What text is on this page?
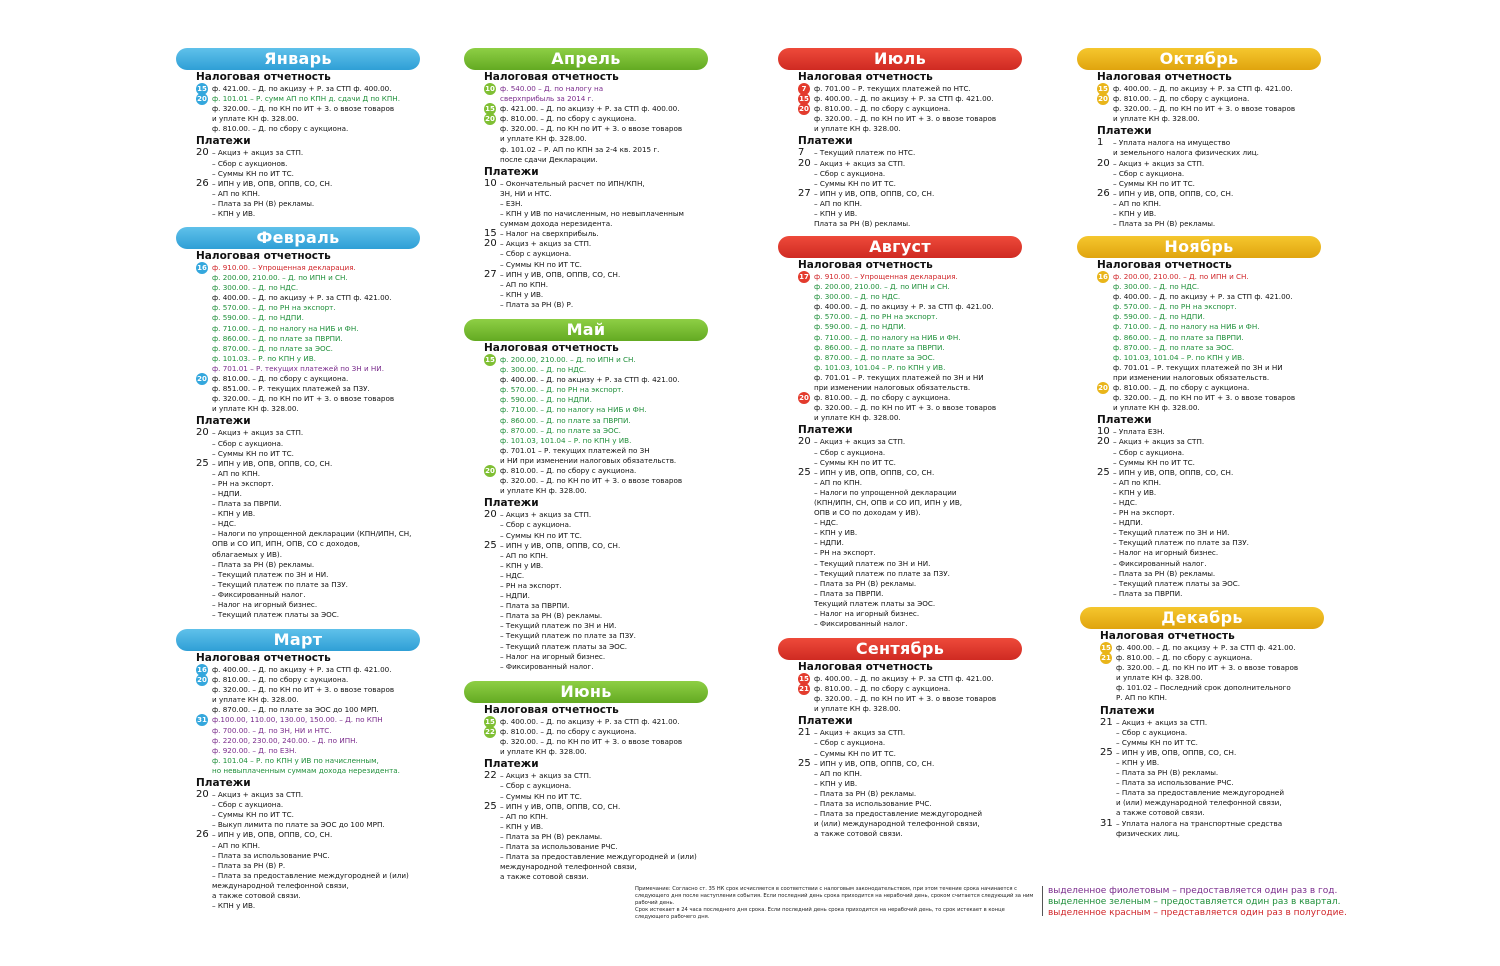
Январь
Налоговая отчетность
15 ф. 421.00. – Д. по акцизу + Р. за СТП ф. 400.00.
20 ф. 101.01 – Р. сумм АП по КПН д. сдачи Д по КПН.
ф. 320.00. – Д. по КН по ИТ + З. о ввозе товаров
и уплате КН ф. 328.00.
ф. 810.00. – Д. по сбору с аукциона.
Платежи
20 – Акциз + акциз за СТП.
– Сбор с аукционов.
– Суммы КН по ИТ ТС.
26 – ИПН у ИВ, ОПВ, ОППВ, СО, СН.
– АП по КПН.
– Плата за РН (В) рекламы.
– КПН у ИВ.
Февраль
Налоговая отчетность
16 ф. 910.00. – Упрощенная декларация.
ф. 200.00, 210.00. – Д. по ИПН и СН.
ф. 300.00. – Д. по НДС.
ф. 400.00. – Д. по акцизу + Р. за СТП ф. 421.00.
ф. 570.00. – Д. по РН на экспорт.
ф. 590.00. – Д. по НДПИ.
ф. 710.00. – Д. по налогу на НИБ и ФН.
ф. 860.00. – Д. по плате за ПВРПИ.
ф. 870.00. – Д. по плате за ЭОС.
ф. 101.03. – Р. по КПН у ИВ.
ф. 701.01 – Р. текущих платежей по ЗН и НИ.
20 ф. 810.00. – Д. по сбору с аукциона.
ф. 851.00. – Р. текущих платежей за ПЗУ.
ф. 320.00. – Д. по КН по ИТ + З. о ввозе товаров
и уплате КН ф. 328.00.
Платежи
20 – Акциз + акциз за СТП.
– Сбор с аукциона.
– Суммы КН по ИТ ТС.
25 – ИПН у ИВ, ОПВ, ОППВ, СО, СН.
– АП по КПН.
– РН на экспорт.
– НДПИ.
– Плата за ПВРПИ.
– КПН у ИВ.
– НДС.
– Налоги по упрощенной декларации (КПН/ИПН, СН,
ОПВ и СО ИП, ИПН, ОПВ, СО с доходов,
облагаемых у ИВ).
– Плата за РН (В) рекламы.
– Текущий платеж по ЗН и НИ.
– Текущий платеж по плате за ПЗУ.
– Фиксированный налог.
– Налог на игорный бизнес.
– Текущий платеж платы за ЭОС.
Март
Налоговая отчетность
16 ф. 400.00. – Д. по акцизу + Р. за СТП ф. 421.00.
20 ф. 810.00. – Д. по сбору с аукциона.
ф. 320.00. – Д. по КН по ИТ + З. о ввозе товаров
и уплате КН ф. 328.00.
ф. 870.00. – Д. по плате за ЭОС до 100 МРП.
31 ф.100.00, 110.00, 130.00, 150.00. – Д. по КПН
ф. 700.00. – Д. по ЗН, НИ и НТС.
ф. 220.00, 230.00, 240.00. – Д. по ИПН.
ф. 920.00. – Д. по ЕЗН.
ф. 101.04 – Р. по КПН у ИВ по начисленным,
но невыплаченным суммам дохода нерезидента.
Платежи
20 – Акциз + акциз за СТП.
– Сбор с аукциона.
– Суммы КН по ИТ ТС.
– Выкуп лимита по плате за ЭОС до 100 МРП.
26 – ИПН у ИВ, ОПВ, ОППВ, СО, СН.
– АП по КПН.
– Плата за использование РЧС.
– Плата за РН (В) Р.
– Плата за предоставление междугородней и (или)
международной телефонной связи,
а также сотовой связи.
– КПН у ИВ.
Апрель
Налоговая отчетность
10 ф. 540.00 – Д. по налогу на
сверхприбыль за 2014 г.
15 ф. 421.00. – Д. по акцизу + Р. за СТП ф. 400.00.
20 ф. 810.00. – Д. по сбору с аукциона.
ф. 320.00. – Д. по КН по ИТ + З. о ввозе товаров
и уплате КН ф. 328.00.
ф. 101.02 – Р. АП по КПН за 2-4 кв. 2015 г.
после сдачи Декларации.
Платежи
10 – Окончательный расчет по ИПН/КПН,
ЗН, НИ и НТС.
– ЕЗН.
– КПН у ИВ по начисленным, но невыплаченным
суммам дохода нерезидента.
15 – Налог на сверхприбыль.
20 – Акциз + акциз за СТП.
– Сбор с аукциона.
– Суммы КН по ИТ ТС.
27 – ИПН у ИВ, ОПВ, ОППВ, СО, СН.
– АП по КПН.
– КПН у ИВ.
– Плата за РН (В) Р.
Май
Налоговая отчетность
15 ф. 200.00, 210.00. – Д. по ИПН и СН.
ф. 300.00. – Д. по НДС.
ф. 400.00. – Д. по акцизу + Р. за СТП ф. 421.00.
ф. 570.00. – Д. по РН на экспорт.
ф. 590.00. – Д. по НДПИ.
ф. 710.00. – Д. по налогу на НИБ и ФН.
ф. 860.00. – Д. по плате за ПВРПИ.
ф. 870.00. – Д. по плате за ЭОС.
ф. 101.03, 101.04 – Р. по КПН у ИВ.
ф. 701.01 – Р. текущих платежей по ЗН
и НИ при изменении налоговых обязательств.
20 ф. 810.00. – Д. по сбору с аукциона.
ф. 320.00. – Д. по КН по ИТ + З. о ввозе товаров
и уплате КН ф. 328.00.
Платежи
20 – Акциз + акциз за СТП.
– Сбор с аукциона.
– Суммы КН по ИТ ТС.
25 – ИПН у ИВ, ОПВ, ОППВ, СО, СН.
– АП по КПН.
– КПН у ИВ.
– НДС.
– РН на экспорт.
– НДПИ.
– Плата за ПВРПИ.
– Плата за РН (В) рекламы.
– Текущий платеж по ЗН и НИ.
– Текущий платеж по плате за ПЗУ.
– Текущий платеж платы за ЭОС.
– Налог на игорный бизнес.
– Фиксированный налог.
Июнь
Налоговая отчетность
15 ф. 400.00. – Д. по акцизу + Р. за СТП ф. 421.00.
22 ф. 810.00. – Д. по сбору с аукциона.
ф. 320.00. – Д. по КН по ИТ + З. о ввозе товаров
и уплате КН ф. 328.00.
Платежи
22 – Акциз + акциз за СТП.
– Сбор с аукциона.
– Суммы КН по ИТ ТС.
25 – ИПН у ИВ, ОПВ, ОППВ, СО, СН.
– АП по КПН.
– КПН у ИВ.
– Плата за РН (В) рекламы.
– Плата за использование РЧС.
– Плата за предоставление междугородней и (или)
международной телефонной связи,
а также сотовой связи.
Июль
Налоговая отчетность
7	ф. 701.00 – Р. текущих платежей по НТС.
15 ф. 400.00. – Д. по акцизу + Р. за СТП ф. 421.00.
20 ф. 810.00. – Д. по сбору с аукциона.
ф. 320.00. – Д. по КН по ИТ + З. о ввозе товаров
и уплате КН ф. 328.00.
Платежи
7 – Текущий платеж по НТС.
20 – Акциз + акциз за СТП.
– Сбор с аукциона.
– Суммы КН по ИТ ТС.
27 – ИПН у ИВ, ОПВ, ОППВ, СО, СН.
– АП по КПН.
– КПН у ИВ.
Плата за РН (В) рекламы.
Август
Налоговая отчетность
17 ф. 910.00. – Упрощенная декларация.
ф. 200.00, 210.00. – Д. по ИПН и СН.
ф. 300.00. – Д. по НДС.
ф. 400.00. – Д. по акцизу + Р. за СТП ф. 421.00.
ф. 570.00. – Д. по РН на экспорт.
ф. 590.00. – Д. по НДПИ.
ф. 710.00. – Д. по налогу на НИБ и ФН.
ф. 860.00. – Д. по плате за ПВРПИ.
ф. 870.00. – Д. по плате за ЭОС.
ф. 101.03, 101.04 – Р. по КПН у ИВ.
ф. 701.01 – Р. текущих платежей по ЗН и НИ
при изменении налоговых обязательств.
20 ф. 810.00. – Д. по сбору с аукциона.
ф. 320.00. – Д. по КН по ИТ + З. о ввозе товаров
и уплате КН ф. 328.00.
Платежи
20 – Акциз + акциз за СТП.
– Сбор с аукциона.
– Суммы КН по ИТ ТС.
25 – ИПН у ИВ, ОПВ, ОППВ, СО, СН.
– АП по КПН.
– Налоги по упрощенной декларации
(КПН/ИПН, СН, ОПВ и СО ИП, ИПН у ИВ,
ОПВ и СО по доходам у ИВ).
– НДС.
– КПН у ИВ.
– НДПИ.
– РН на экспорт.
– Текущий платеж по ЗН и НИ.
– Текущий платеж по плате за ПЗУ.
– Плата за РН (В) рекламы.
– Плата за ПВРПИ.
Текущий платеж платы за ЭОС.
– Налог на игорный бизнес.
– Фиксированный налог.
Сентябрь
Налоговая отчетность
15 ф. 400.00. – Д. по акцизу + Р. за СТП ф. 421.00.
21 ф. 810.00. – Д. по сбору с аукциона.
ф. 320.00. – Д. по КН по ИТ + З. о ввозе товаров
и уплате КН ф. 328.00.
Платежи
21 – Акциз + акциз за СТП.
– Сбор с аукциона.
– Суммы КН по ИТ ТС.
25 – ИПН у ИВ, ОПВ, ОППВ, СО, СН.
– АП по КПН.
– КПН у ИВ.
– Плата за РН (В) рекламы.
– Плата за использование РЧС.
– Плата за предоставление междугородней
и (или) международной телефонной связи,
а также сотовой связи.
Октябрь
Налоговая отчетность
15 ф. 400.00. – Д. по акцизу + Р. за СТП ф. 421.00.
20 ф. 810.00. – Д. по сбору с аукциона.
ф. 320.00. – Д. по КН по ИТ + З. о ввозе товаров
и уплате КН ф. 328.00.
Платежи
1 – Уплата налога на имущество
и земельного налога физических лиц.
20 – Акциз + акциз за СТП.
– Сбор с аукциона.
– Суммы КН по ИТ ТС.
26 – ИПН у ИВ, ОПВ, ОППВ, СО, СН.
– АП по КПН.
– КПН у ИВ.
– Плата за РН (В) рекламы.
Ноябрь
Налоговая отчетность
16 ф. 200.00, 210.00. – Д. по ИПН и СН.
ф. 300.00. – Д. по НДС.
ф. 400.00. – Д. по акцизу + Р. за СТП ф. 421.00.
ф. 570.00. – Д. по РН на экспорт.
ф. 590.00. – Д. по НДПИ.
ф. 710.00. – Д. по налогу на НИБ и ФН.
ф. 860.00. – Д. по плате за ПВРПИ.
ф. 870.00. – Д. по плате за ЭОС.
ф. 101.03, 101.04 – Р. по КПН у ИВ.
ф. 701.01 – Р. текущих платежей по ЗН и НИ
при изменении налоговых обязательств.
20 ф. 810.00. – Д. по сбору с аукциона.
ф. 320.00. – Д. по КН по ИТ + З. о ввозе товаров
и уплате КН ф. 328.00.
Платежи
10 – Уплата ЕЗН.
20 – Акциз + акциз за СТП.
– Сбор с аукциона.
– Суммы КН по ИТ ТС.
25 – ИПН у ИВ, ОПВ, ОППВ, СО, СН.
– АП по КПН.
– КПН у ИВ.
– НДС.
– РН на экспорт.
– НДПИ.
– Текущий платеж по ЗН и НИ.
– Текущий платеж по плате за ПЗУ.
– Налог на игорный бизнес.
– Фиксированный налог.
– Плата за РН (В) рекламы.
– Текущий платеж платы за ЭОС.
– Плата за ПВРПИ.
Декабрь
Налоговая отчетность
15 ф. 400.00. – Д. по акцизу + Р. за СТП ф. 421.00.
21 ф. 810.00. – Д. по сбору с аукциона.
ф. 320.00. – Д. по КН по ИТ + З. о ввозе товаров
и уплате КН ф. 328.00.
ф. 101.02 – Последний срок дополнительного
Р. АП по КПН.
Платежи
21 – Акциз + акциз за СТП.
– Сбор с аукциона.
– Суммы КН по ИТ ТС.
25 – ИПН у ИВ, ОПВ, ОППВ, СО, СН.
– КПН у ИВ.
– Плата за РН (В) рекламы.
– Плата за использование РЧС.
– Плата за предоставление междугородней
и (или) международной телефонной связи,
а также сотовой связи.
31 – Уплата налога на транспортные средства
физических лиц.
Примечание: Согласно ст. 35 НК срок исчисляется в соответствии с налоговым законодательством, при этом течение срока начинается с следующего дня после наступления события. Если последний день срока приходится на нерабочий день, сроком считается следующий за ним рабочий день.
Срок истекает в 24 часа последнего дня срока. Если последний день срока приходится на нерабочий день, то срок истекает в конце следующего рабочего дня.
выделенное фиолетовым – предоставляется один раз в год.
выделенное зеленым – предоставляется один раз в квартал.
выделенное красным – представляется один раз в полугодие.
